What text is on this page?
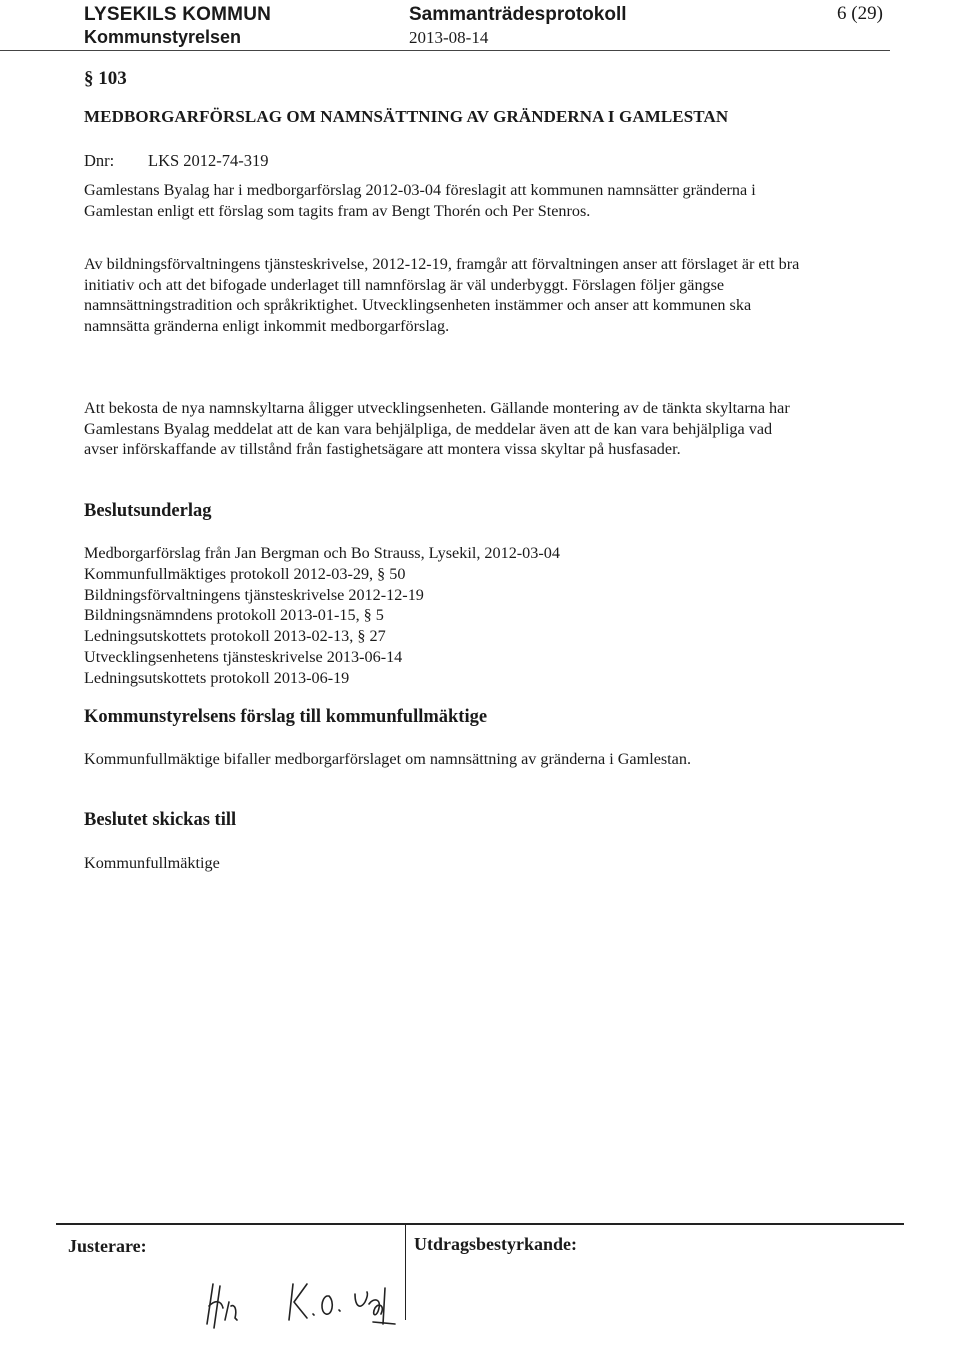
LYSEKILS KOMMUN
Kommunstyrelsen
Sammanträdesprotokoll
2013-08-14
6 (29)
§ 103
MEDBORGARFÖRSLAG OM NAMNSÄTTNING AV GRÄNDERNA I GAMLESTAN
Dnr: LKS 2012-74-319

Gamlestans Byalag har i medborgarförslag 2012-03-04 föreslagit att kommunen namnsätter gränderna i Gamlestan enligt ett förslag som tagits fram av Bengt Thorén och Per Stenros.

Av bildningsförvaltningens tjänsteskrivelse, 2012-12-19, framgår att förvaltningen anser att förslaget är ett bra initiativ och att det bifogade underlaget till namnförslag är väl underbyggt. Förslagen följer gängse namnsättningstradition och språkriktighet. Utvecklingsenheten instämmer och anser att kommunen ska namnsätta gränderna enligt inkommit medborgarförslag.

Att bekosta de nya namnskyltarna åligger utvecklingsenheten. Gällande montering av de tänkta skyltarna har Gamlestans Byalag meddelat att de kan vara behjälpliga, de meddelar även att de kan vara behjälpliga vad avser införskaffande av tillstånd från fastighetsägare att montera vissa skyltar på husfasader.

Beslutsunderlag
Medborgarförslag från Jan Bergman och Bo Strauss, Lysekil, 2012-03-04
Kommunfullmäktiges protokoll 2012-03-29, § 50
Bildningsförvaltningens tjänsteskrivelse 2012-12-19
Bildningsnämndens protokoll 2013-01-15, § 5
Ledningsutskottets protokoll 2013-02-13, § 27
Utvecklingsenhetens tjänsteskrivelse 2013-06-14
Ledningsutskottets protokoll 2013-06-19
Kommunstyrelsens förslag till kommunfullmäktige

Kommunfullmäktige bifaller medborgarförslaget om namnsättning av gränderna i Gamlestan.

Beslutet skickas till

Kommunfullmäktige

Justerare:	Utdragsbestyrkande:
